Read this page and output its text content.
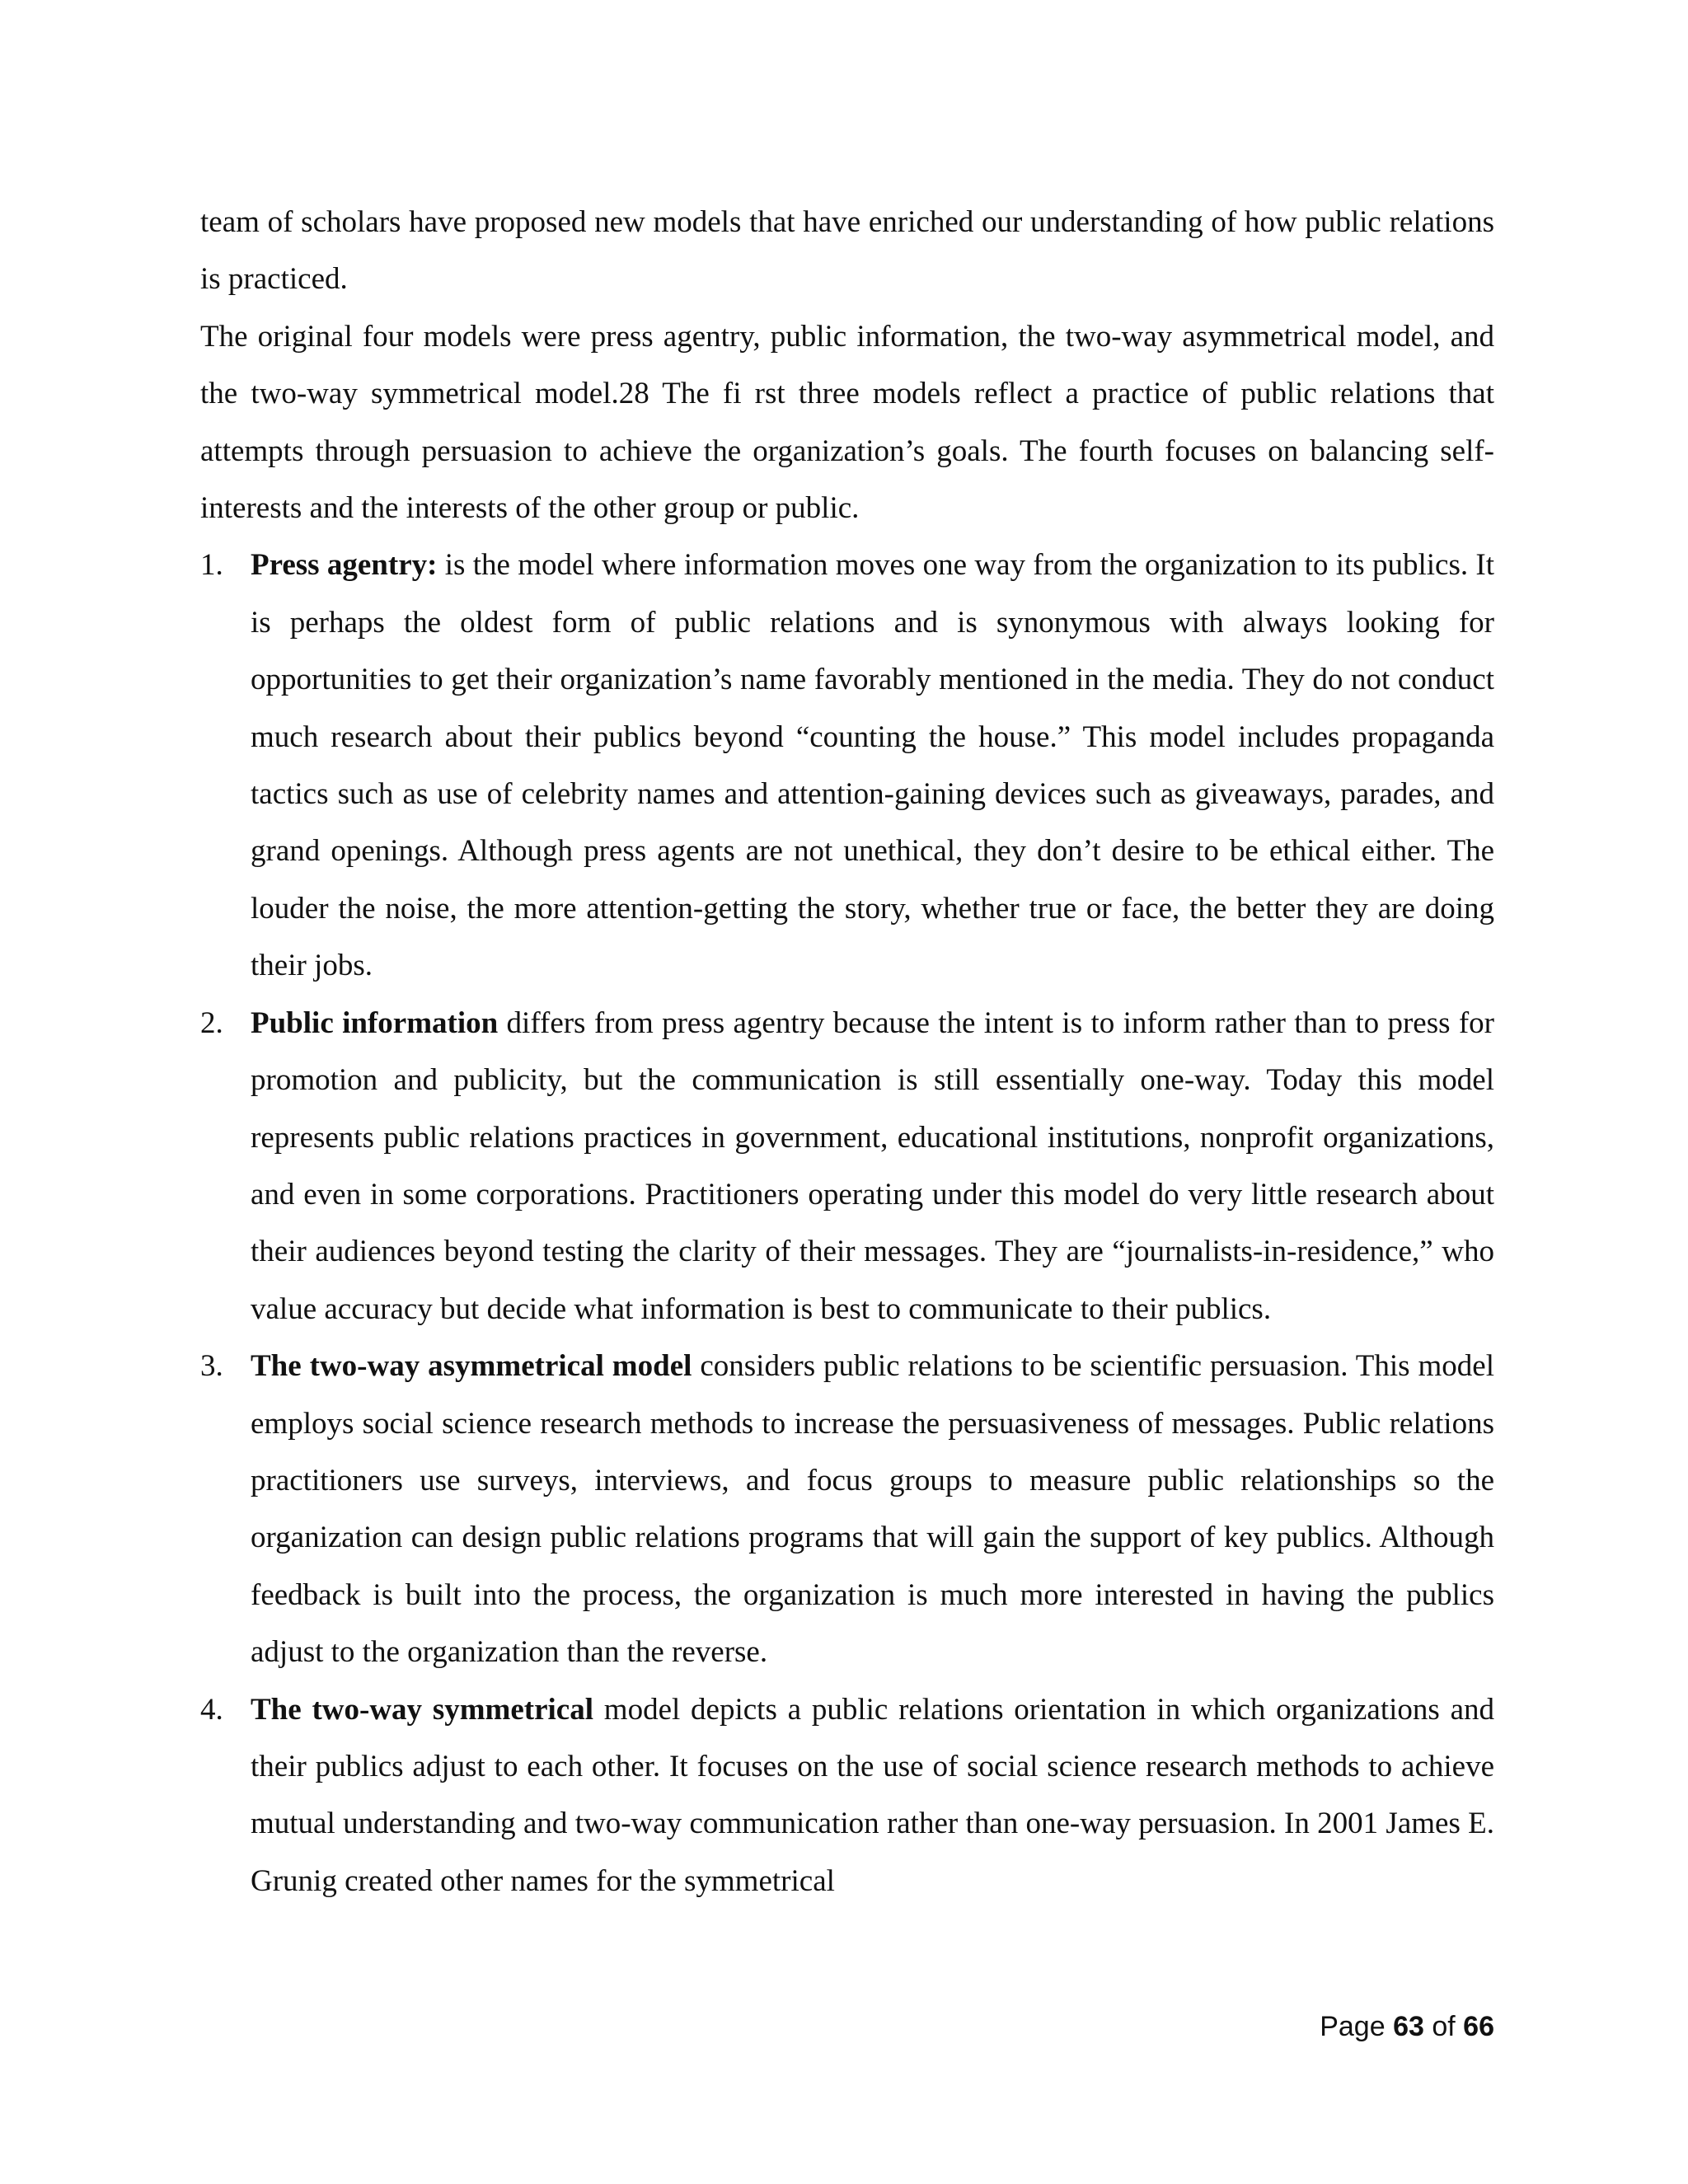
team of scholars have proposed new models that have enriched our understanding of how public relations is practiced.

The original four models were press agentry, public information, the two-way asymmetrical model, and the two-way symmetrical model.28 The fi rst three models reflect a practice of public relations that attempts through persuasion to achieve the organization’s goals. The fourth focuses on balancing self-interests and the interests of the other group or public.

1. Press agentry: is the model where information moves one way from the organization to its publics. It is perhaps the oldest form of public relations and is synonymous with always looking for opportunities to get their organization’s name favorably mentioned in the media. They do not conduct much research about their publics beyond “counting the house.” This model includes propaganda tactics such as use of celebrity names and attention-gaining devices such as giveaways, parades, and grand openings. Although press agents are not unethical, they don’t desire to be ethical either. The louder the noise, the more attention-getting the story, whether true or face, the better they are doing their jobs.
2. Public information differs from press agentry because the intent is to inform rather than to press for promotion and publicity, but the communication is still essentially one-way. Today this model represents public relations practices in government, educational institutions, nonprofit organizations, and even in some corporations. Practitioners operating under this model do very little research about their audiences beyond testing the clarity of their messages. They are “journalists-in-residence,” who value accuracy but decide what information is best to communicate to their publics.
3. The two-way asymmetrical model considers public relations to be scientific persuasion. This model employs social science research methods to increase the persuasiveness of messages. Public relations practitioners use surveys, interviews, and focus groups to measure public relationships so the organization can design public relations programs that will gain the support of key publics. Although feedback is built into the process, the organization is much more interested in having the publics adjust to the organization than the reverse.
4. The two-way symmetrical model depicts a public relations orientation in which organizations and their publics adjust to each other. It focuses on the use of social science research methods to achieve mutual understanding and two-way communication rather than one-way persuasion. In 2001 James E. Grunig created other names for the symmetrical
Page 63 of 66
